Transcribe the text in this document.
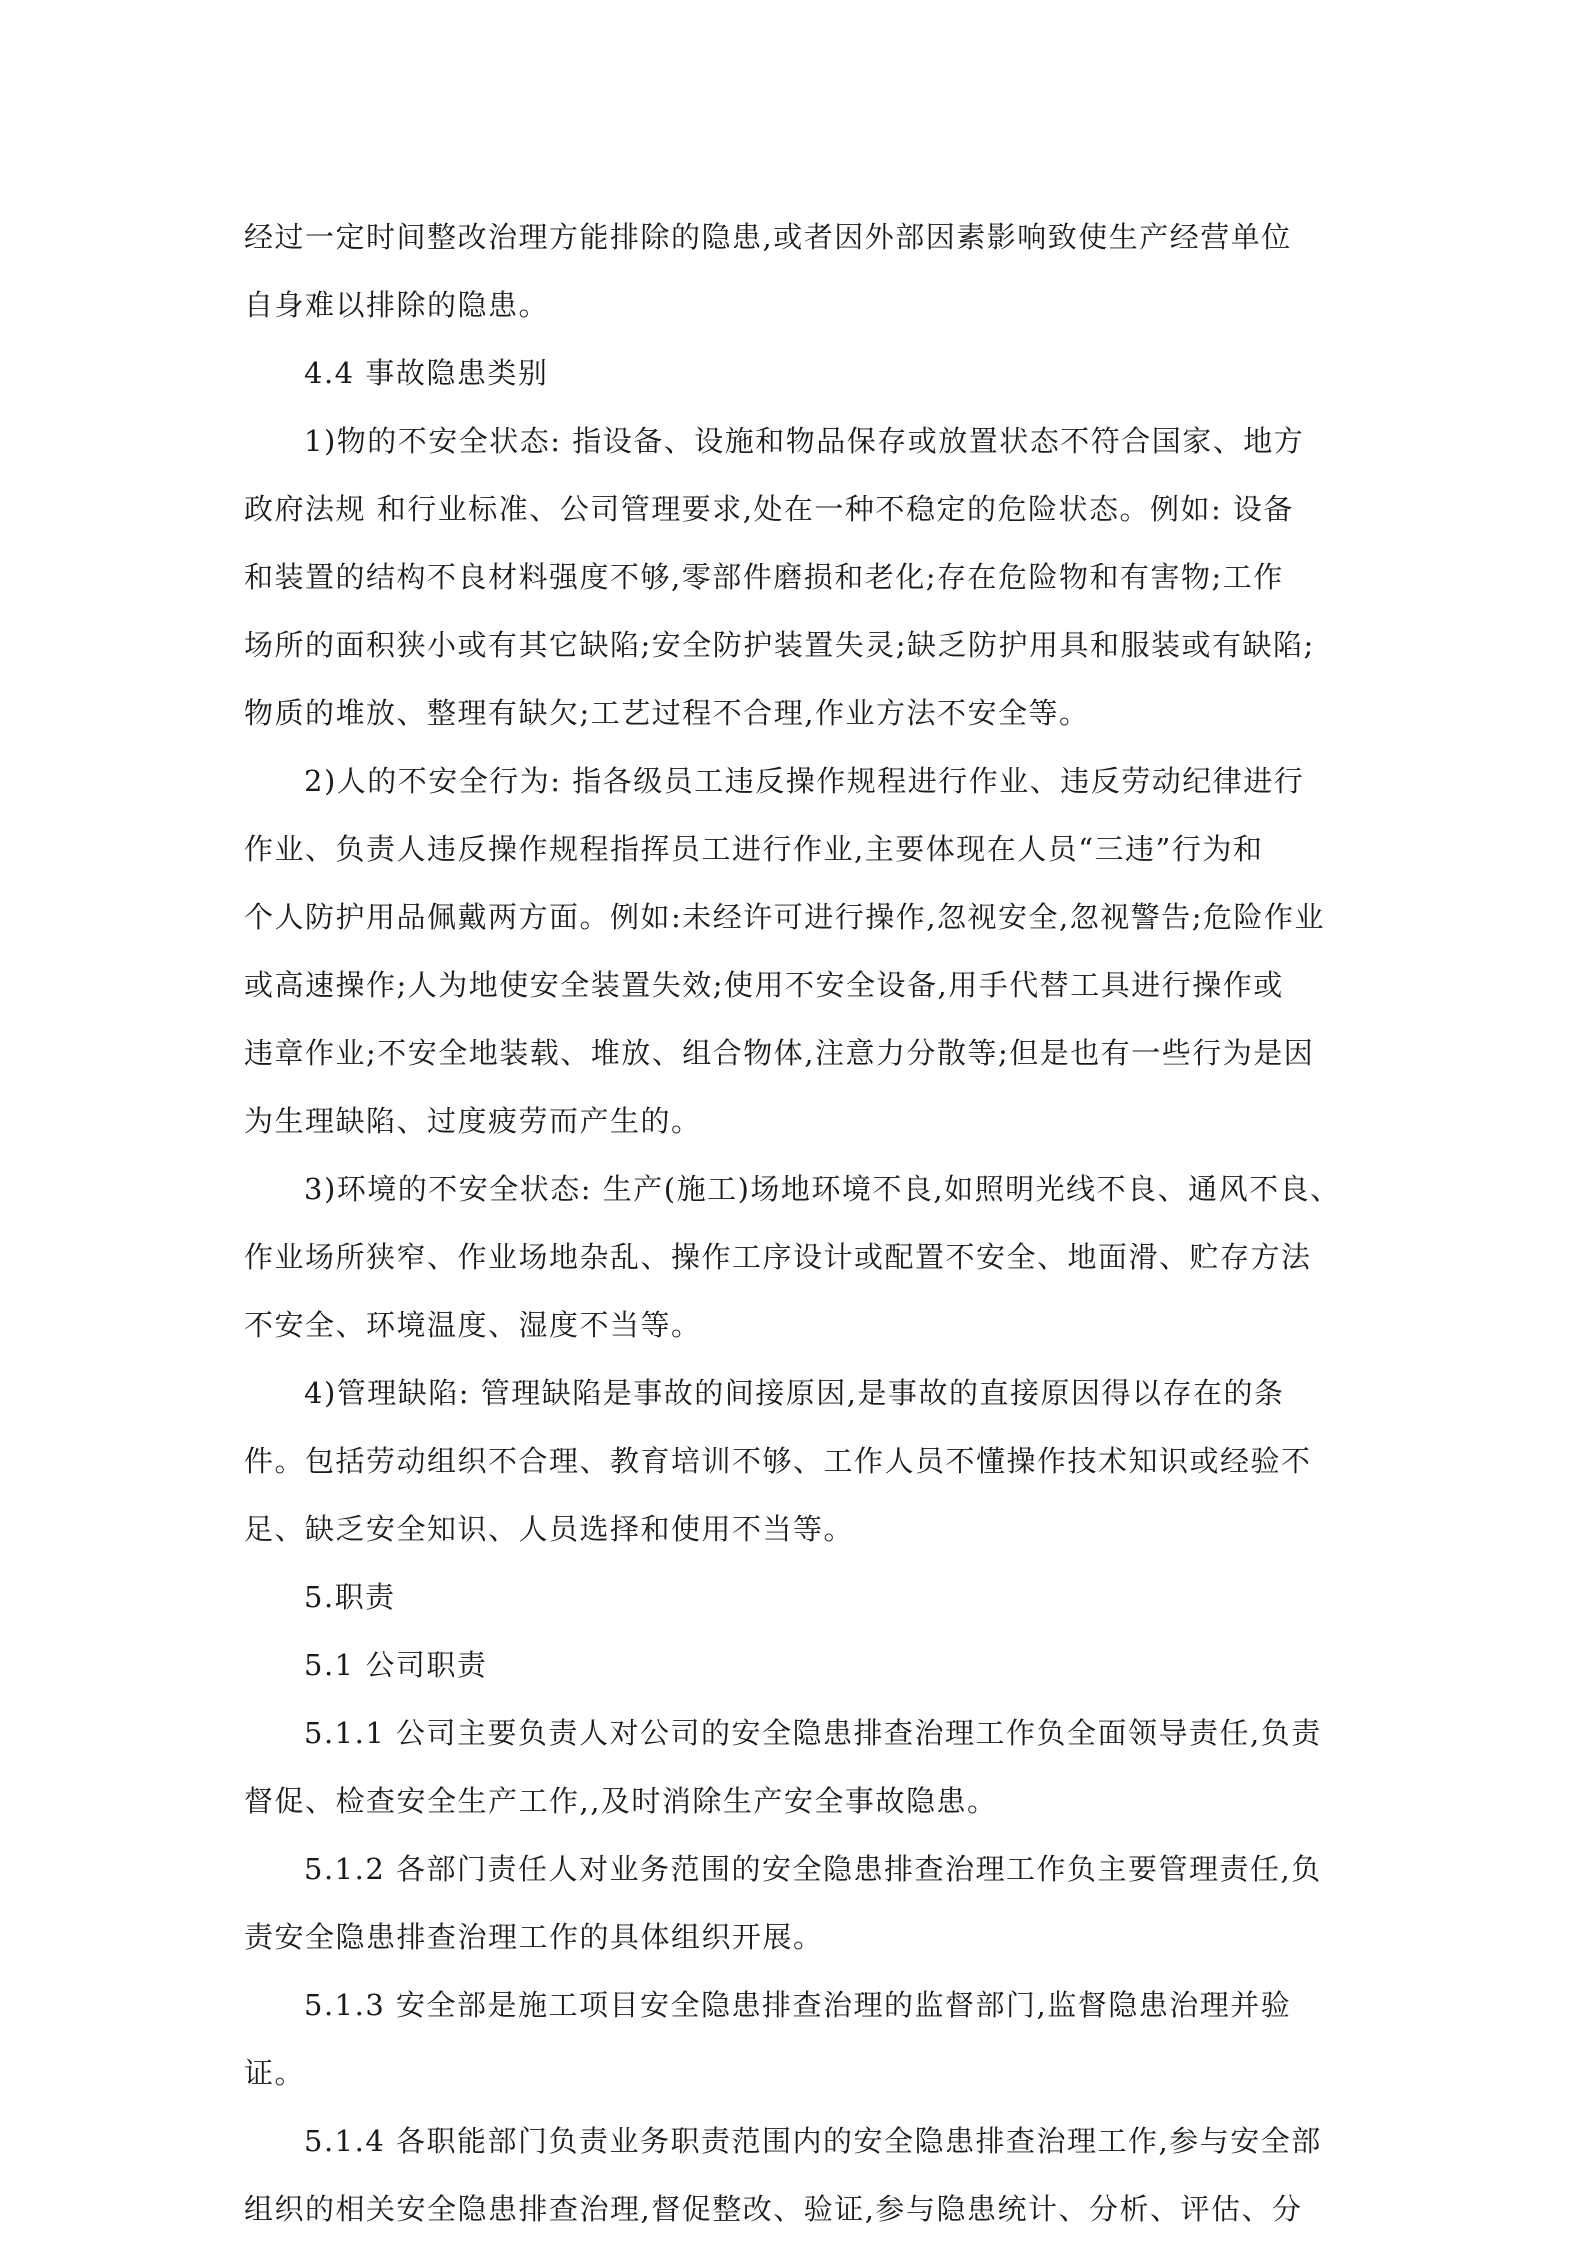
经过一定时间整改治理方能排除的隐患,或者因外部因素影响致使生产经营单位
自身难以排除的隐患。
4.4 事故隐患类别
1)物的不安全状态: 指设备、设施和物品保存或放置状态不符合国家、地方
政府法规 和行业标准、公司管理要求,处在一种不稳定的危险状态。例如: 设备
和装置的结构不良材料强度不够,零部件磨损和老化;存在危险物和有害物;工作
场所的面积狭小或有其它缺陷;安全防护装置失灵;缺乏防护用具和服装或有缺陷;
物质的堆放、整理有缺欠;工艺过程不合理,作业方法不安全等。
2)人的不安全行为: 指各级员工违反操作规程进行作业、违反劳动纪律进行
作业、负责人违反操作规程指挥员工进行作业,主要体现在人员“三违”行为和
个人防护用品佩戴两方面。例如:未经许可进行操作,忽视安全,忽视警告;危险作业
或高速操作;人为地使安全装置失效;使用不安全设备,用手代替工具进行操作或
违章作业;不安全地装载、堆放、组合物体,注意力分散等;但是也有一些行为是因
为生理缺陷、过度疲劳而产生的。
3)环境的不安全状态: 生产(施工)场地环境不良,如照明光线不良、通风不良、
作业场所狭窄、作业场地杂乱、操作工序设计或配置不安全、地面滑、贮存方法
不安全、环境温度、湿度不当等。
4)管理缺陷: 管理缺陷是事故的间接原因,是事故的直接原因得以存在的条
件。包括劳动组织不合理、教育培训不够、工作人员不懂操作技术知识或经验不
足、缺乏安全知识、人员选择和使用不当等。
5.职责
5.1 公司职责
5.1.1 公司主要负责人对公司的安全隐患排查治理工作负全面领导责任,负责
督促、检查安全生产工作,,及时消除生产安全事故隐患。
5.1.2 各部门责任人对业务范围的安全隐患排查治理工作负主要管理责任,负
责安全隐患排查治理工作的具体组织开展。
5.1.3 安全部是施工项目安全隐患排查治理的监督部门,监督隐患治理并验
证。
5.1.4 各职能部门负责业务职责范围内的安全隐患排查治理工作,参与安全部
组织的相关安全隐患排查治理,督促整改、验证,参与隐患统计、分析、评估、分
